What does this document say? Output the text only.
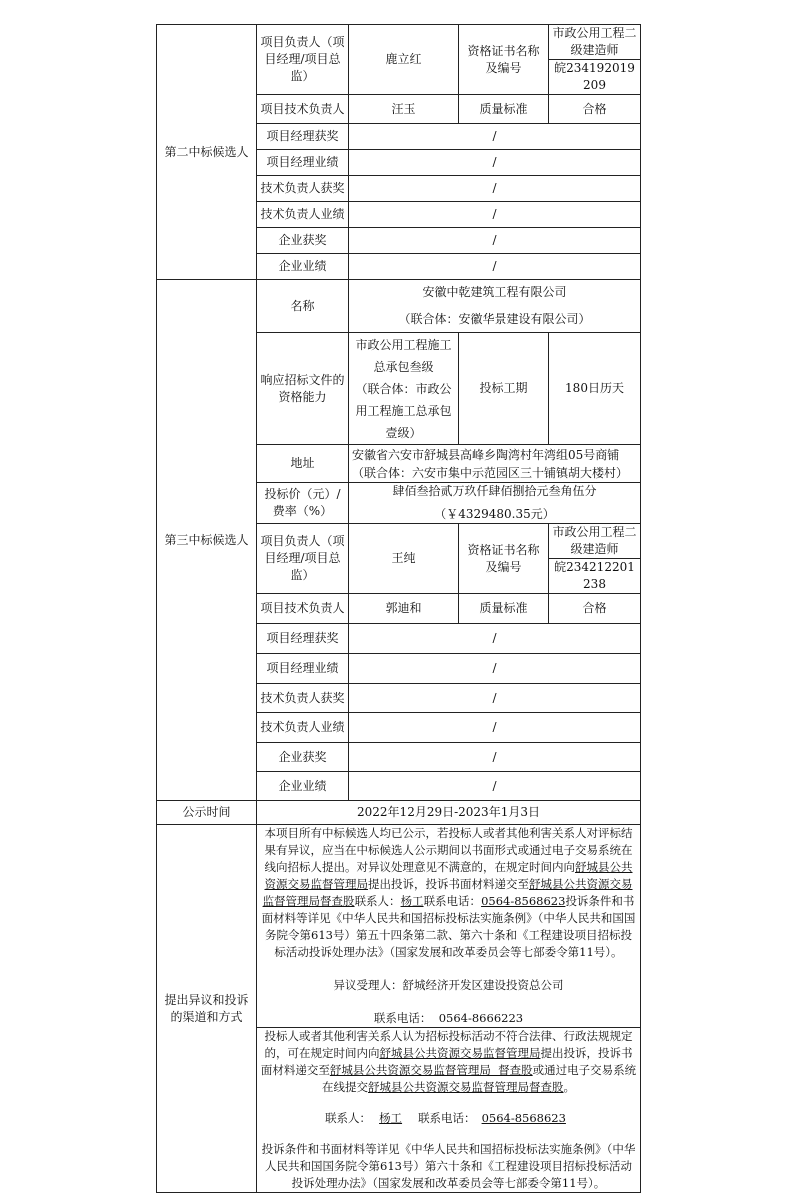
第二中标候选人	项目负责人（项目经理/项目总监）	鹿立红	资格证书名称及编号	市政公用工程二级建造师
皖234192019209

	项目技术负责人	汪玉	质量标准	合格
	项目经理获奖	/		
	项目经理业绩	/		
	技术负责人获奖	/		
	技术负责人业绩	/		
	企业获奖	/		
	企业业绩	/		
第三中标候选人	名称	安徽中乾建筑工程有限公司
（联合体：安徽华景建设有限公司）		

	响应招标文件的资格能力	市政公用工程施工总承包叁级
（联合体：市政公用工程施工总承包壹级）	投标工期	180日历天
	地址	安徽省六安市舒城县高峰乡陶湾村年湾组05号商铺（联合体：六安市集中示范园区三十铺镇胡大楼村）		
	投标价（元）/费率（%）	肆佰叁拾贰万玖仟肆佰捌拾元叁角伍分
（￥4329480.35元）		

	项目负责人（项目经理/项目总监）	王纯	资格证书名称及编号	市政公用工程二级建造师
皖234212201238

	项目技术负责人	郭迪和	质量标准	合格
	项目经理获奖	/		
	项目经理业绩	/		
	技术负责人获奖	/		
	技术负责人业绩	/		
	企业获奖	/		
	企业业绩	/		
公示时间	2022年12月29日-2023年1月3日			
提出异议和投诉的渠道和方式	本项目所有中标候选人均已公示，若投标人或者其他利害关系人对评标结果有异议，应当在中标候选人公示期间以书面形式或通过电子交易系统在线向招标人提出。对异议处理意见不满意的，在规定时间内向舒城县公共资源交易监督管理局提出投诉，投诉书面材料递交至舒城县公共资源交易监督管理局督查股联系人：杨工联系电话：0564-8568623投诉条件和书面材料等详见《中华人民共和国招标投标法实施条例》（中华人民共和国国务院令第613号）第五十四条第二款、第六十条和《工程建设项目招标投标活动投诉处理办法》（国家发展和改革委员会等七部委令第11号）。
异议受理人：舒城经济开发区建设投资总公司
联系电话：  0564-8666223			

	投标人或者其他利害关系人认为招标投标活动不符合法律、行政法规规定的，可在规定时间内向舒城县公共资源交易监督管理局提出投诉，投诉书面材料递交至舒城县公共资源交易监督管理局  督查股或通过电子交易系统在线提交舒城县公共资源交易监督管理局督查股。
联系人： 杨工 联系电话： 0564-8568623
投诉条件和书面材料等详见《中华人民共和国招标投标法实施条例》（中华人民共和国国务院令第613号）第六十条和《工程建设项目招标投标活动投诉处理办法》（国家发展和改革委员会等七部委令第11号）。			
